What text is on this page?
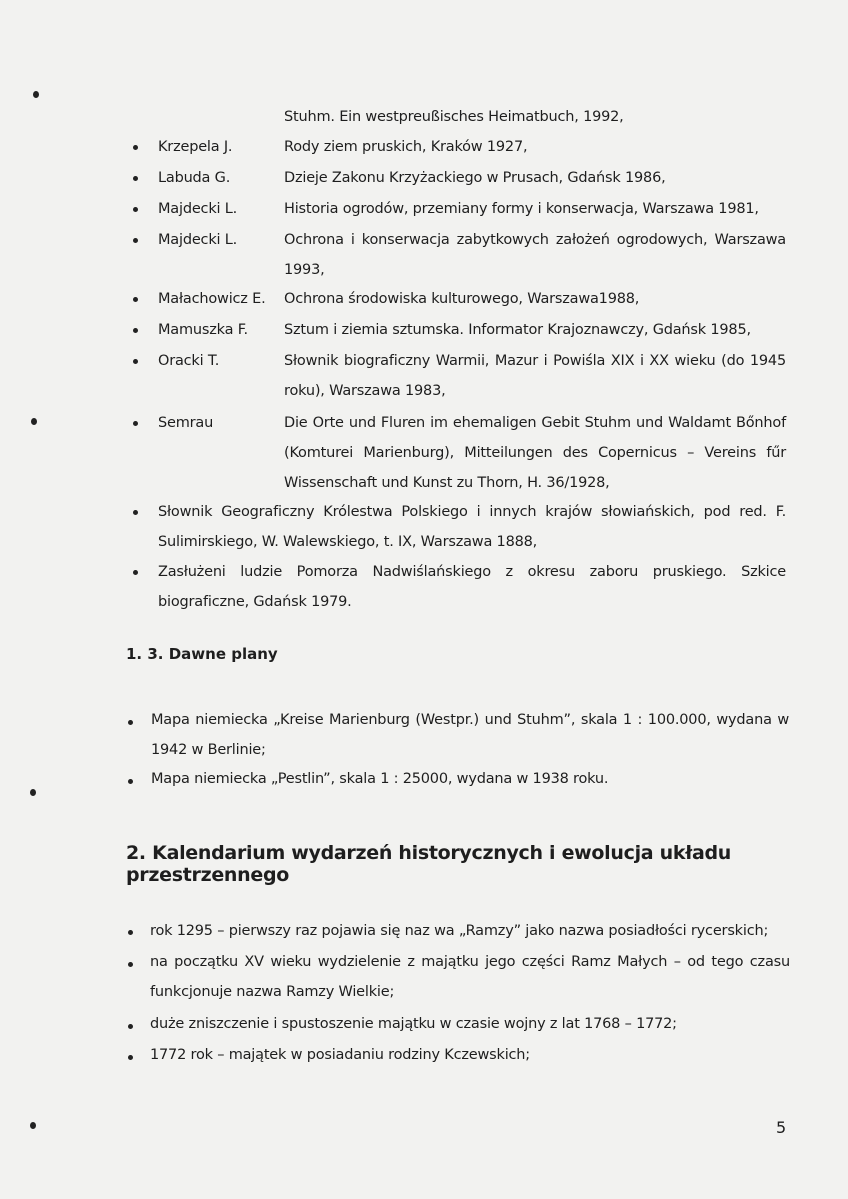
Stuhm. Ein westpreußisches Heimatbuch, 1992,
Krzepela J.	Rody ziem pruskich, Kraków 1927,
Labuda G.	Dzieje Zakonu Krzyżackiego w Prusach, Gdańsk 1986,
Majdecki L.	Historia ogrodów, przemiany formy i konserwacja, Warszawa 1981,
Majdecki L.	Ochrona i konserwacja zabytkowych założeń ogrodowych, Warszawa 1993,
Małachowicz E. Ochrona środowiska kulturowego, Warszawa1988,
Mamuszka F. Sztum i ziemia sztumska. Informator Krajoznawczy, Gdańsk 1985,
Oracki T.	Słownik biograficzny Warmii, Mazur i Powiśla XIX i XX wieku (do 1945 roku), Warszawa 1983,
Semrau	Die Orte und Fluren im ehemaligen Gebit Stuhm und Waldamt Bőnhof (Komturei Marienburg), Mitteilungen des Copernicus – Vereins fűr Wissenschaft und Kunst zu Thorn, H. 36/1928,
Słownik Geograficzny Królestwa Polskiego i innych krajów słowiańskich, pod red. F. Sulimirskiego, W. Walewskiego, t. IX, Warszawa 1888,
Zasłużeni ludzie Pomorza Nadwiślańskiego z okresu zaboru pruskiego. Szkice biograficzne, Gdańsk 1979.
1. 3. Dawne plany
Mapa niemiecka „Kreise Marienburg (Westpr.) und Stuhm”, skala 1 : 100.000, wydana w 1942 w Berlinie;
Mapa niemiecka „Pestlin”, skala 1 : 25000, wydana w 1938 roku.
2. Kalendarium wydarzeń historycznych i ewolucja układu przestrzennego
rok 1295 – pierwszy raz pojawia się naz wa „Ramzy” jako nazwa posiadłości rycerskich;
na początku XV wieku wydzielenie z majątku jego części Ramz Małych – od tego czasu funkcjonuje nazwa Ramzy Wielkie;
duże zniszczenie i spustoszenie majątku w czasie wojny z lat 1768 – 1772;
1772 rok – majątek w posiadaniu rodziny Kczewskich;
5
